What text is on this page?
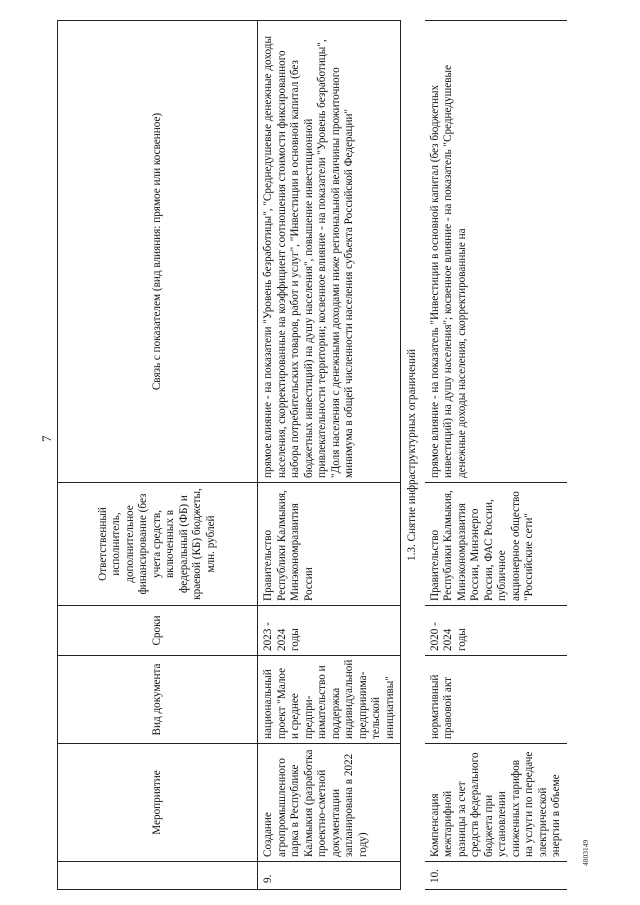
7
4803149
	Мероприятие	Вид документа	Сроки	Ответственный исполнитель, дополнительное финансирование (без учета средств, включенных в федеральный (ФБ) и краевой (КБ) бюджеты, млн. рублей	Связь с показателем (вид влияния: прямое или косвенное)
9.	Создание агропромышленного парка в Республике Калмыкия (разработка проектно-сметной документации запланирована в 2022 году)	национальный проект "Малое и среднее предпри-нимательство и поддержка индивидуальной предпринима-тельской инициативы"	2023 - 2024 годы	Правительство Республики Калмыкия, Минэкономразвития России	прямое влияние - на показатели "Уровень безработицы", "Среднедушевые денежные доходы населения, скорректированные на коэффициент соотношения стоимости фиксированного набора потребительских товаров, работ и услуг", "Инвестиции в основной капитал (без бюджетных инвестиций) на душу населения", повышение инвестиционной привлекательности территории; косвенное влияние - на показатели "Уровень безработицы", "Доля населения с денежными доходами ниже региональной величины прожиточного минимума в общей численности населения субъекта Российской Федерации"
1.3. Снятие инфраструктурных ограничений					
10.	Компенсация межтарифной разницы за счет средств федерального бюджета при установлении сниженных тарифов на услуги по передаче электрической энергии в объеме	нормативный правовой акт	2020 - 2024 годы	Правительство Республики Калмыкия, Минэкономразвития России, Минэнерго России, ФАС России, публичное акционерное общество "Российские сети"	прямое влияние - на показатель "Инвестиции в основной капитал (без бюджетных инвестиций) на душу населения"; косвенное влияние - на показатель "Среднедушевые денежные доходы населения, скорректированные на
